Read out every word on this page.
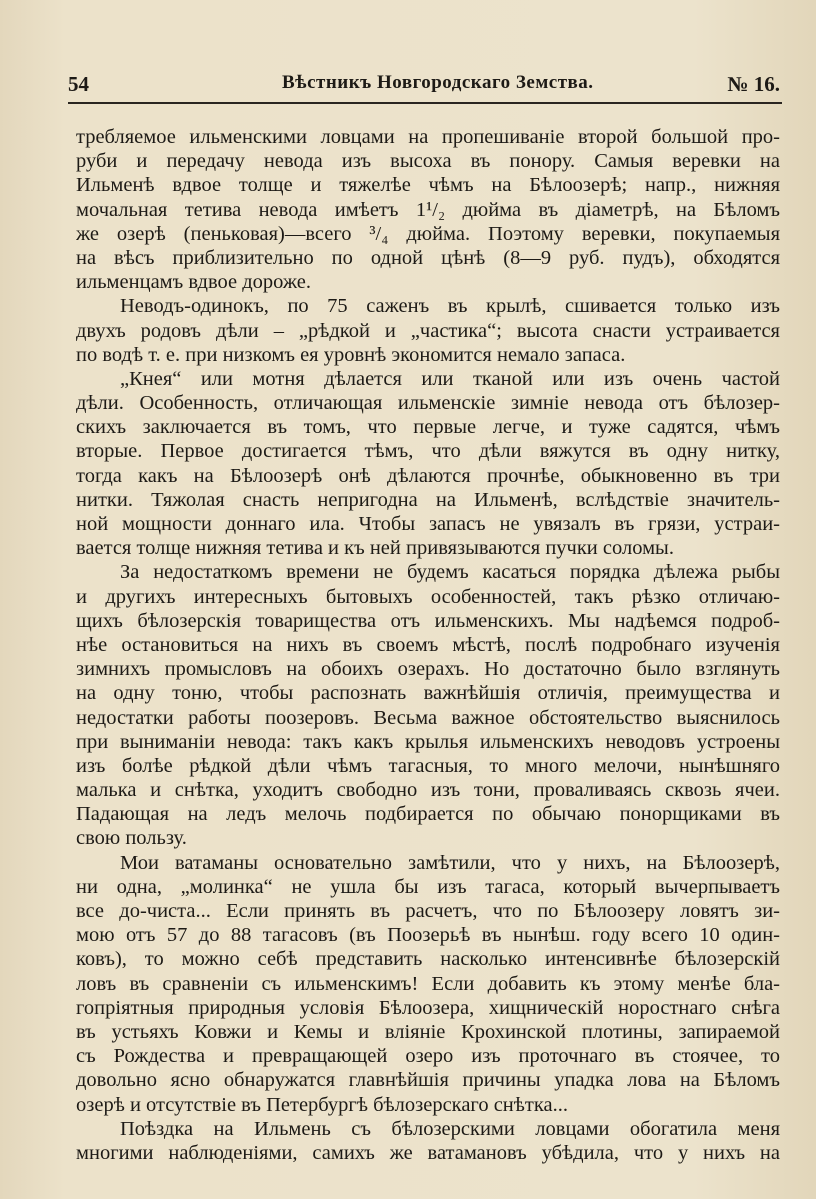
54	Вѣстникъ Новгородскаго Земства.	№ 16.
требляемое ильменскими ловцами на пропешиваніе второй большой про-
руби и передачу невода изъ высоха въ понору. Самыя веревки на
Ильменѣ вдвое толще и тяжелѣе чѣмъ на Бѣлоозерѣ; напр., нижняя
мочальная тетива невода имѣетъ 1¹/₂ дюйма въ діаметрѣ, на Бѣломъ
же озерѣ (пеньковая)—всего ³/₄ дюйма. Поэтому веревки, покупаемыя
на вѣсъ приблизительно по одной цѣнѣ (8—9 руб. пудъ), обходятся
ильменцамъ вдвое дороже.
Неводъ-одинокъ, по 75 саженъ въ крылѣ, сшивается только изъ
двухъ родовъ дѣли – „рѣдкой и „частика“; высота снасти устраивается
по водѣ т. е. при низкомъ ея уровнѣ экономится немало запаса.
„Кнея“ или мотня дѣлается или тканой или изъ очень частой
дѣли. Особенность, отличающая ильменскіе зимніе невода отъ бѣлозер-
скихъ заключается въ томъ, что первые легче, и туже садятся, чѣмъ
вторые. Первое достигается тѣмъ, что дѣли вяжутся въ одну нитку,
тогда какъ на Бѣлоозерѣ онѣ дѣлаются прочнѣе, обыкновенно въ три
нитки. Тяжолая снасть непригодна на Ильменѣ, вслѣдствіе значитель-
ной мощности доннаго ила. Чтобы запасъ не увязалъ въ грязи, устраи-
вается толще нижняя тетива и къ ней привязываются пучки соломы.
За недостаткомъ времени не будемъ касаться порядка дѣлежа рыбы
и другихъ интересныхъ бытовыхъ особенностей, такъ рѣзко отличаю-
щихъ бѣлозерскія товарищества отъ ильменскихъ. Мы надѣемся подроб-
нѣе остановиться на нихъ въ своемъ мѣстѣ, послѣ подробнаго изученія
зимнихъ промысловъ на обоихъ озерахъ. Но достаточно было взглянуть
на одну тоню, чтобы распознать важнѣйшія отличія, преимущества и
недостатки работы поозеровъ. Весьма важное обстоятельство выяснилось
при вынимaніи невода: такъ какъ крылья ильменскихъ неводовъ устроены
изъ болѣе рѣдкой дѣли чѣмъ тагасныя, то много мелочи, нынѣшняго
малька и снѣтка, уходитъ свободно изъ тони, проваливаясь сквозь ячеи.
Падающая на ледъ мелочь подбирается по обычаю понорщиками въ
свою пользу.
Мои ватаманы основательно замѣтили, что у нихъ, на Бѣлоозерѣ,
ни одна, „молинка“ не ушла бы изъ тагаса, который вычерпываетъ
все до-чиста... Если принять въ расчетъ, что по Бѣлоозеру ловятъ зи-
мою отъ 57 до 88 тагасовъ (въ Поозерьѣ въ нынѣш. году всего 10 один-
ковъ), то можно себѣ представить насколько интенсивнѣе бѣлозерскій
ловъ въ сравненіи съ ильменскимъ! Если добавить къ этому менѣе бла-
гопріятныя природныя условія Бѣлоозера, хищническій норостнаго снѣга
въ устьяхъ Ковжи и Кемы и вліяніе Крохинской плотины, запираемой
съ Рождества и превращающей озеро изъ проточнаго въ стоячее, то
довольно ясно обнаружатся главнѣйшія причины упадка лова на Бѣломъ
озерѣ и отсутствіе въ Петербургѣ бѣлозерскаго снѣтка...
Поѣздка на Ильмень съ бѣлозерскими ловцами обогатила меня
многими наблюденіями, самихъ же ватамановъ убѣдила, что у нихъ на
